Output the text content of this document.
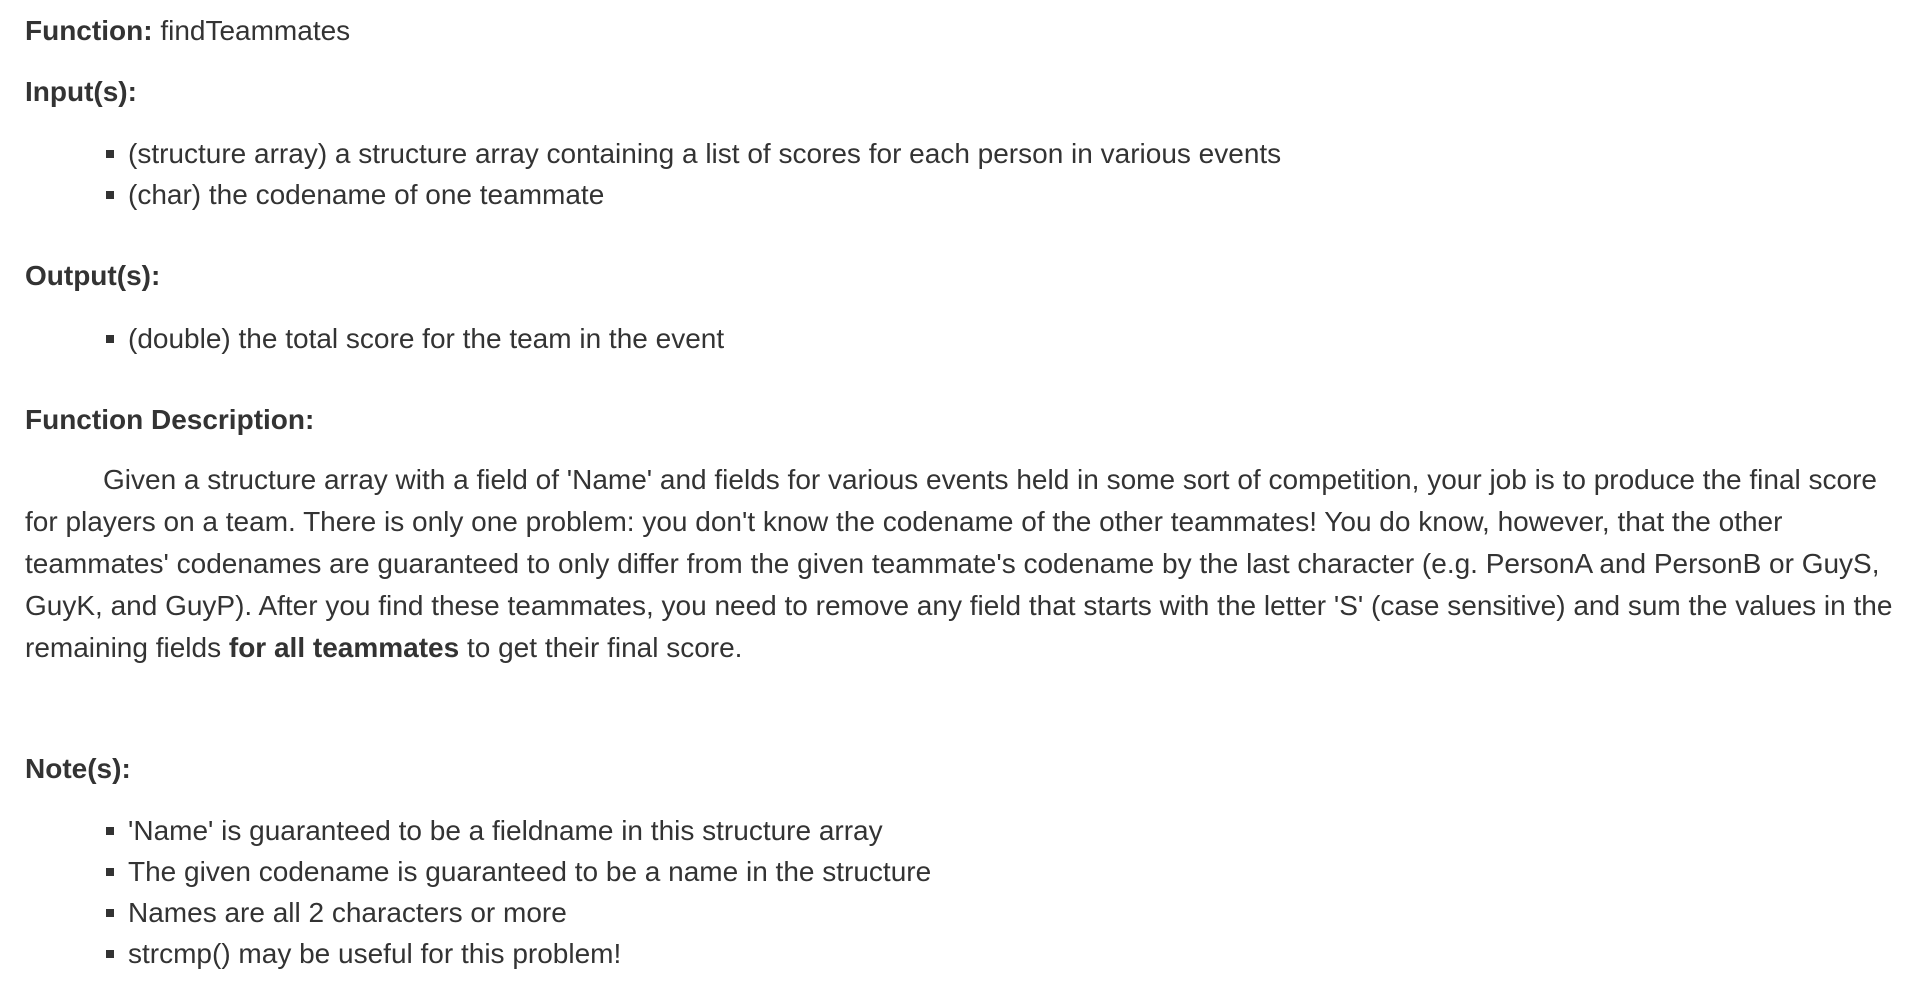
Function: findTeammates

Input(s):

(structure array) a structure array containing a list of scores for each person in various events
(char) the codename of one teammate

Output(s):

(double) the total score for the team in the event

Function Description:

Given a structure array with a field of 'Name' and fields for various events held in some sort of competition, your job is to produce the final score for players on a team. There is only one problem: you don't know the codename of the other teammates! You do know, however, that the other teammates' codenames are guaranteed to only differ from the given teammate's codename by the last character (e.g. PersonA and PersonB or GuyS, GuyK, and GuyP). After you find these teammates, you need to remove any field that starts with the letter 'S' (case sensitive) and sum the values in the remaining fields for all teammates to get their final score.

Note(s):

'Name' is guaranteed to be a fieldname in this structure array
The given codename is guaranteed to be a name in the structure
Names are all 2 characters or more
strcmp() may be useful for this problem!
